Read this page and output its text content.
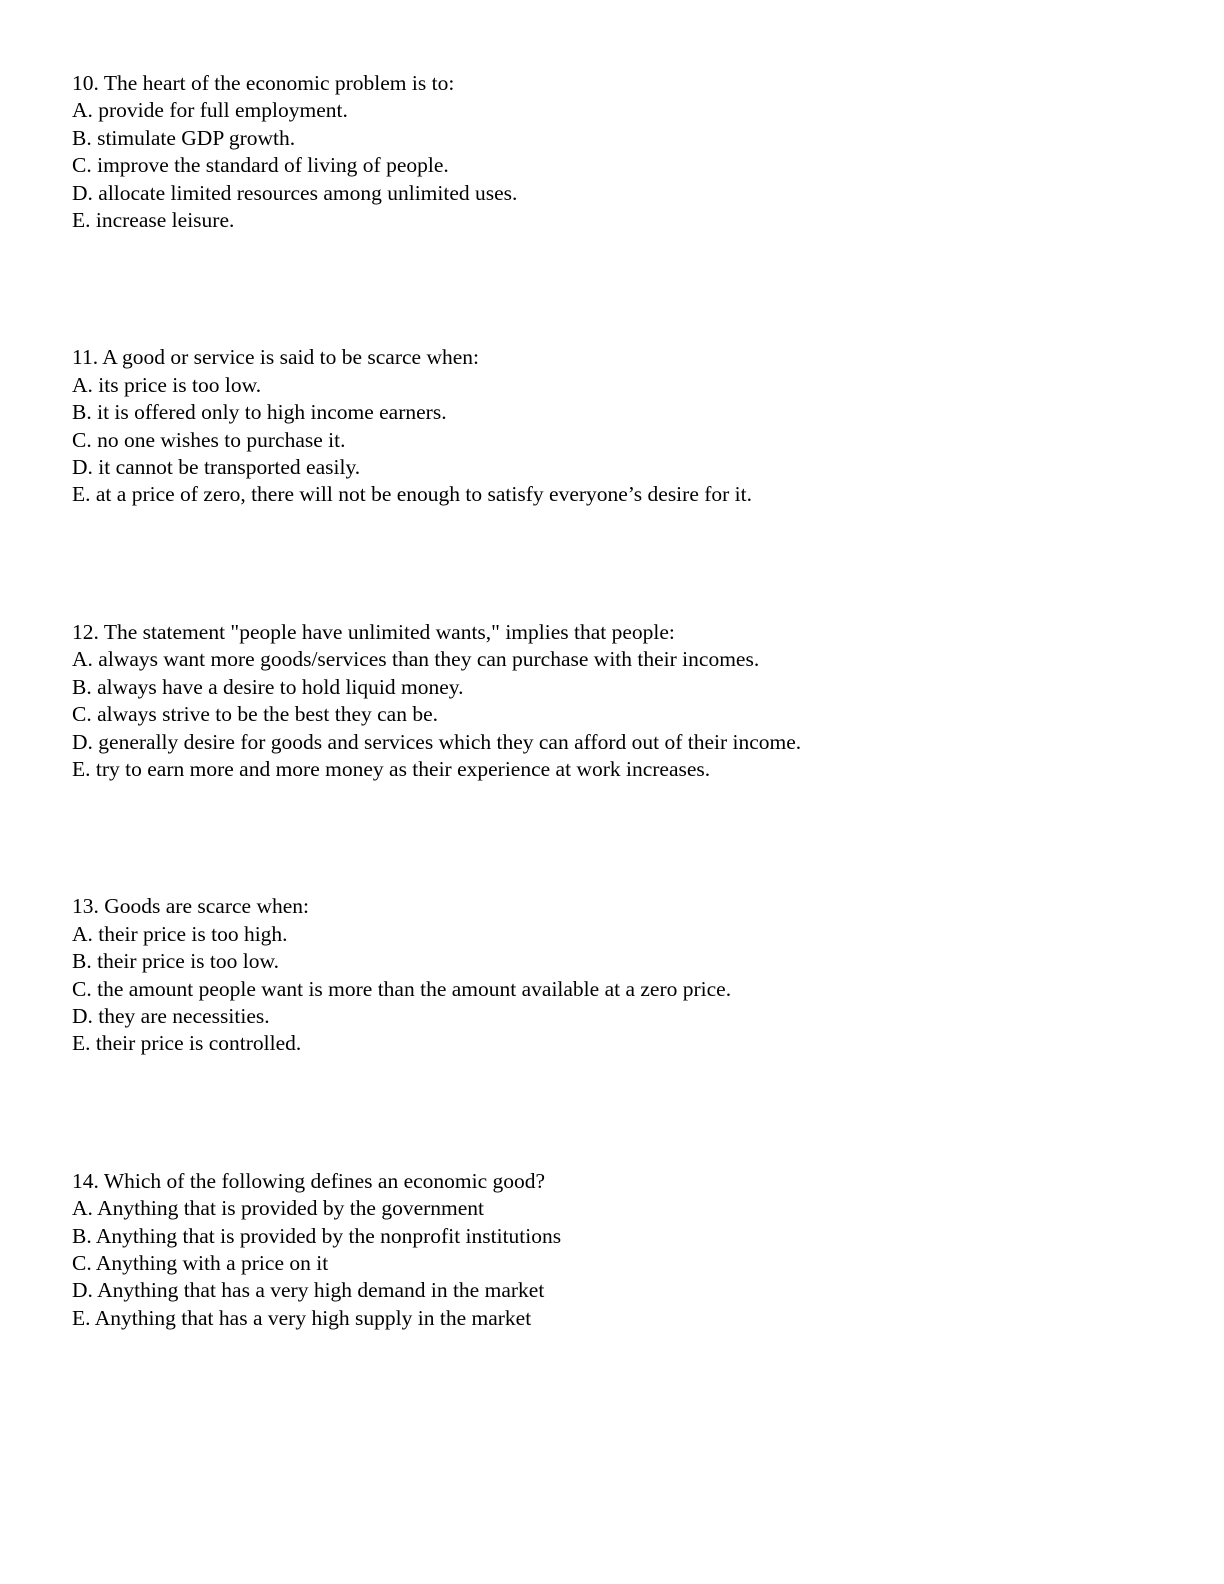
10. The heart of the economic problem is to:

A. provide for full employment.

B. stimulate GDP growth.

C. improve the standard of living of people.

D. allocate limited resources among unlimited uses.

E. increase leisure.

11. A good or service is said to be scarce when:

A. its price is too low.

B. it is offered only to high income earners.

C. no one wishes to purchase it.

D. it cannot be transported easily.

E. at a price of zero, there will not be enough to satisfy everyone’s desire for it.

12. The statement "people have unlimited wants," implies that people:

A. always want more goods/services than they can purchase with their incomes.

B. always have a desire to hold liquid money.

C. always strive to be the best they can be.

D. generally desire for goods and services which they can afford out of their income.

E. try to earn more and more money as their experience at work increases.

13. Goods are scarce when:

A. their price is too high.

B. their price is too low.

C. the amount people want is more than the amount available at a zero price.

D. they are necessities.

E. their price is controlled.

14. Which of the following defines an economic good?

A. Anything that is provided by the government

B. Anything that is provided by the nonprofit institutions

C. Anything with a price on it

D. Anything that has a very high demand in the market

E. Anything that has a very high supply in the market
